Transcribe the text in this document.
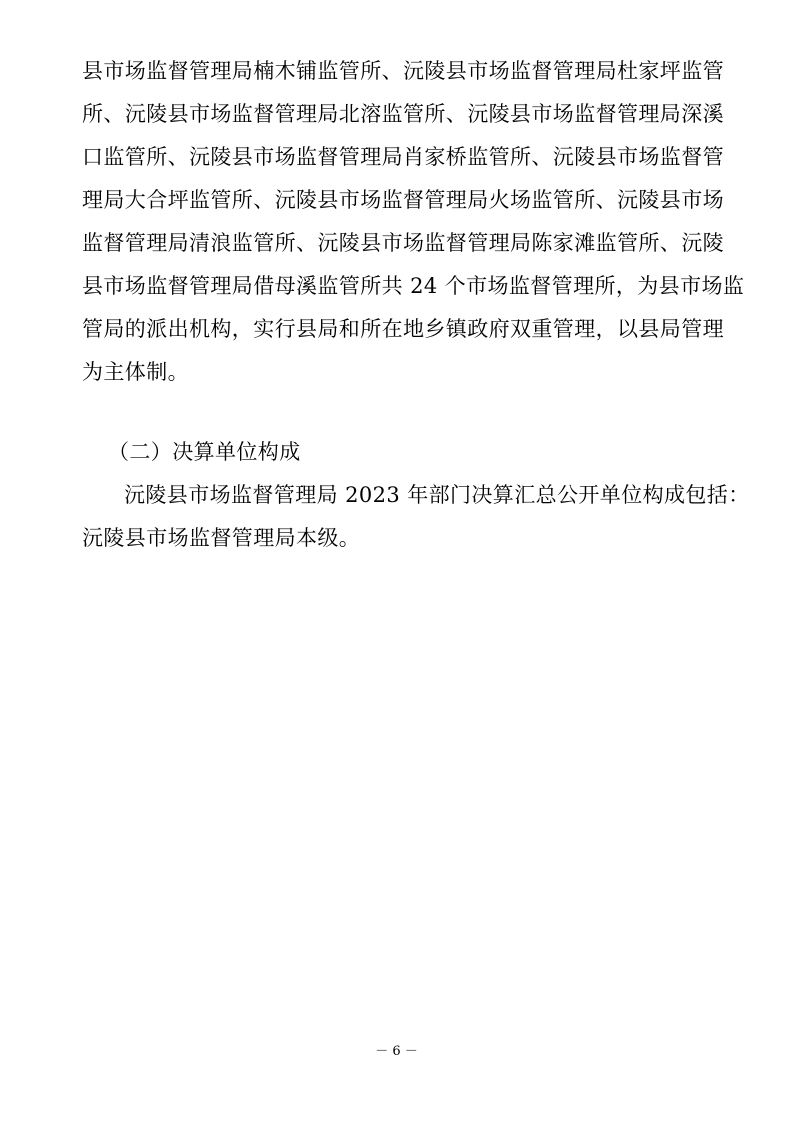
县市场监督管理局楠木铺监管所、沅陵县市场监督管理局杜家坪监管
所、沅陵县市场监督管理局北溶监管所、沅陵县市场监督管理局深溪
口监管所、沅陵县市场监督管理局肖家桥监管所、沅陵县市场监督管
理局大合坪监管所、沅陵县市场监督管理局火场监管所、沅陵县市场
监督管理局清浪监管所、沅陵县市场监督管理局陈家滩监管所、沅陵
县市场监督管理局借母溪监管所共 24 个市场监督管理所，为县市场监
管局的派出机构，实行县局和所在地乡镇政府双重管理，以县局管理
为主体制。
（二）决算单位构成
沅陵县市场监督管理局 2023 年部门决算汇总公开单位构成包括：
沅陵县市场监督管理局本级。
－ 6 －
